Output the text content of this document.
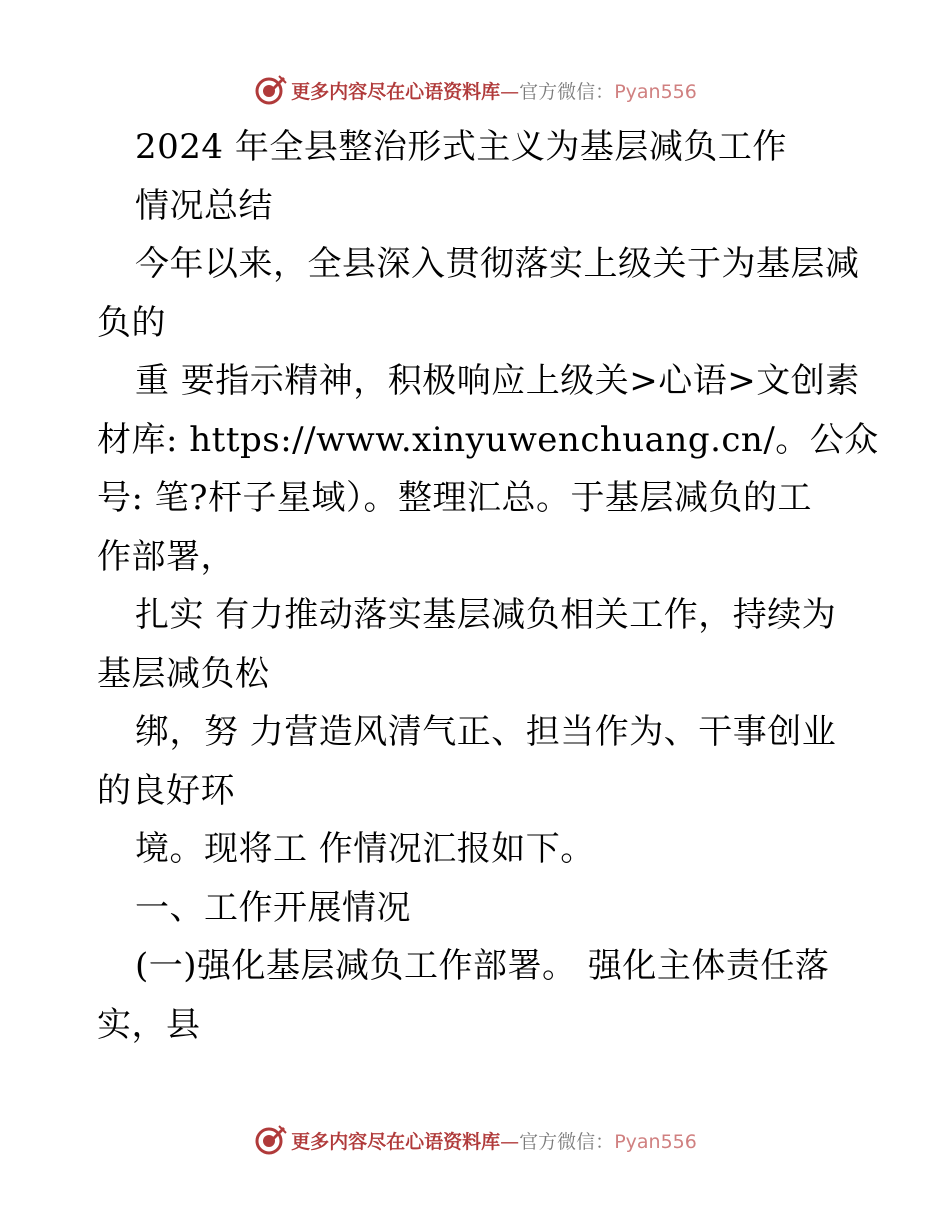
更多内容尽在心语资料库—官方微信：Pyan556
2024 年全县整治形式主义为基层减负工作
情况总结
今年以来，全县深入贯彻落实上级关于为基层减
负的
重 要指示精神，积极响应上级关>心语>文创素
材库: https://www.xinyuwenchuang.cn/。公众
号: 笔?杆子星域）。整理汇总。于基层减负的工
作部署，
扎实 有力推动落实基层减负相关工作，持续为
基层减负松
绑，努 力营造风清气正、担当作为、干事创业
的良好环
境。现将工 作情况汇报如下。
一、工作开展情况
(一)强化基层减负工作部署。 强化主体责任落
实，县
更多内容尽在心语资料库—官方微信：Pyan556
